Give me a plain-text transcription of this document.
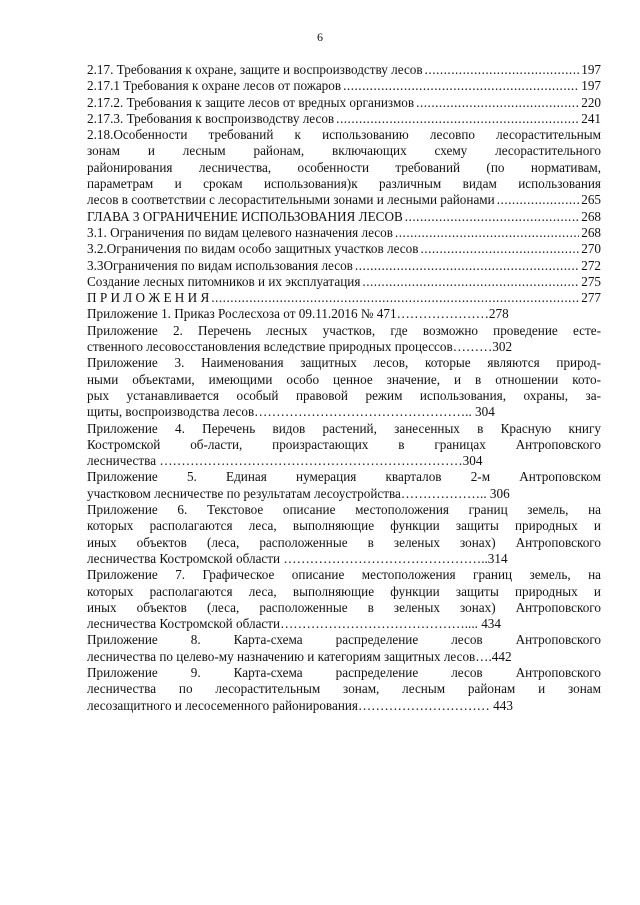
6
2.17. Требования к охране, защите и воспроизводству лесов .....	197
2.17.1 Требования к охране лесов от пожаров .....	197
2.17.2. Требования к защите лесов от вредных организмов .....	220
2.17.3. Требования к воспроизводству лесов .....	241
2.18.Особенности требований к использованию лесовпо лесорастительным
зонам и лесным районам, включающих схему лесорастительного
районирования лесничества, особенности требований (по нормативам,
параметрам и срокам использования)к различным видам использования
лесов в соответствии с лесорастительными зонами и лесными районами .....	265
ГЛАВА 3 ОГРАНИЧЕНИЕ ИСПОЛЬЗОВАНИЯ ЛЕСОВ .....	268
3.1. Ограничения по видам целевого назначения лесов .....	268
3.2.Ограничения по видам особо защитных участков лесов .....	270
3.3Ограничения по видам использования лесов .....	272
Создание лесных питомников и их эксплуатация .....	275
П Р И Л О Ж Е Н И Я .....	277
Приложение 1. Приказ Рослесхоза от 09.11.2016 № 471…………………278
Приложение 2. Перечень лесных участков, где возможно проведение есте-
ственного лесовосстановления вследствие природных процессов………302
Приложение 3. Наименования защитных лесов, которые являются природ-
ными объектами, имеющими особо ценное значение, и в отношении кото-
рых устанавливается особый правовой режим использования, охраны, за-
щиты, воспроизводства лесов………………………………………….. 304
Приложение 4. Перечень видов растений, занесенных в Красную книгу
Костромской об-ласти, произрастающих в границах Антроповского
лесничества ……………………………………………………………304
Приложение 5. Единая нумерация кварталов 2-м Антроповском
участковом лесничестве по результатам лесоустройства……………….. 306
Приложение 6. Текстовое описание местоположения границ земель, на
которых располагаются леса, выполняющие функции защиты природных и
иных объектов (леса, расположенные в зеленых зонах) Антроповского
лесничества Костромской области ………………………………………..314
Приложение 7. Графическое описание местоположения границ земель, на
которых располагаются леса, выполняющие функции защиты природных и
иных объектов (леса, расположенные в зеленых зонах) Антроповского
лесничества Костромской области…………………………………….... 434
Приложение 8. Карта-схема распределение лесов Антроповского
лесничества по целево-му назначению и категориям защитных лесов….442
Приложение 9. Карта-схема распределение лесов Антроповского
лесничества по лесорастительным зонам, лесным районам и зонам
лесозащитного и лесосеменного районирования………………………… 443
